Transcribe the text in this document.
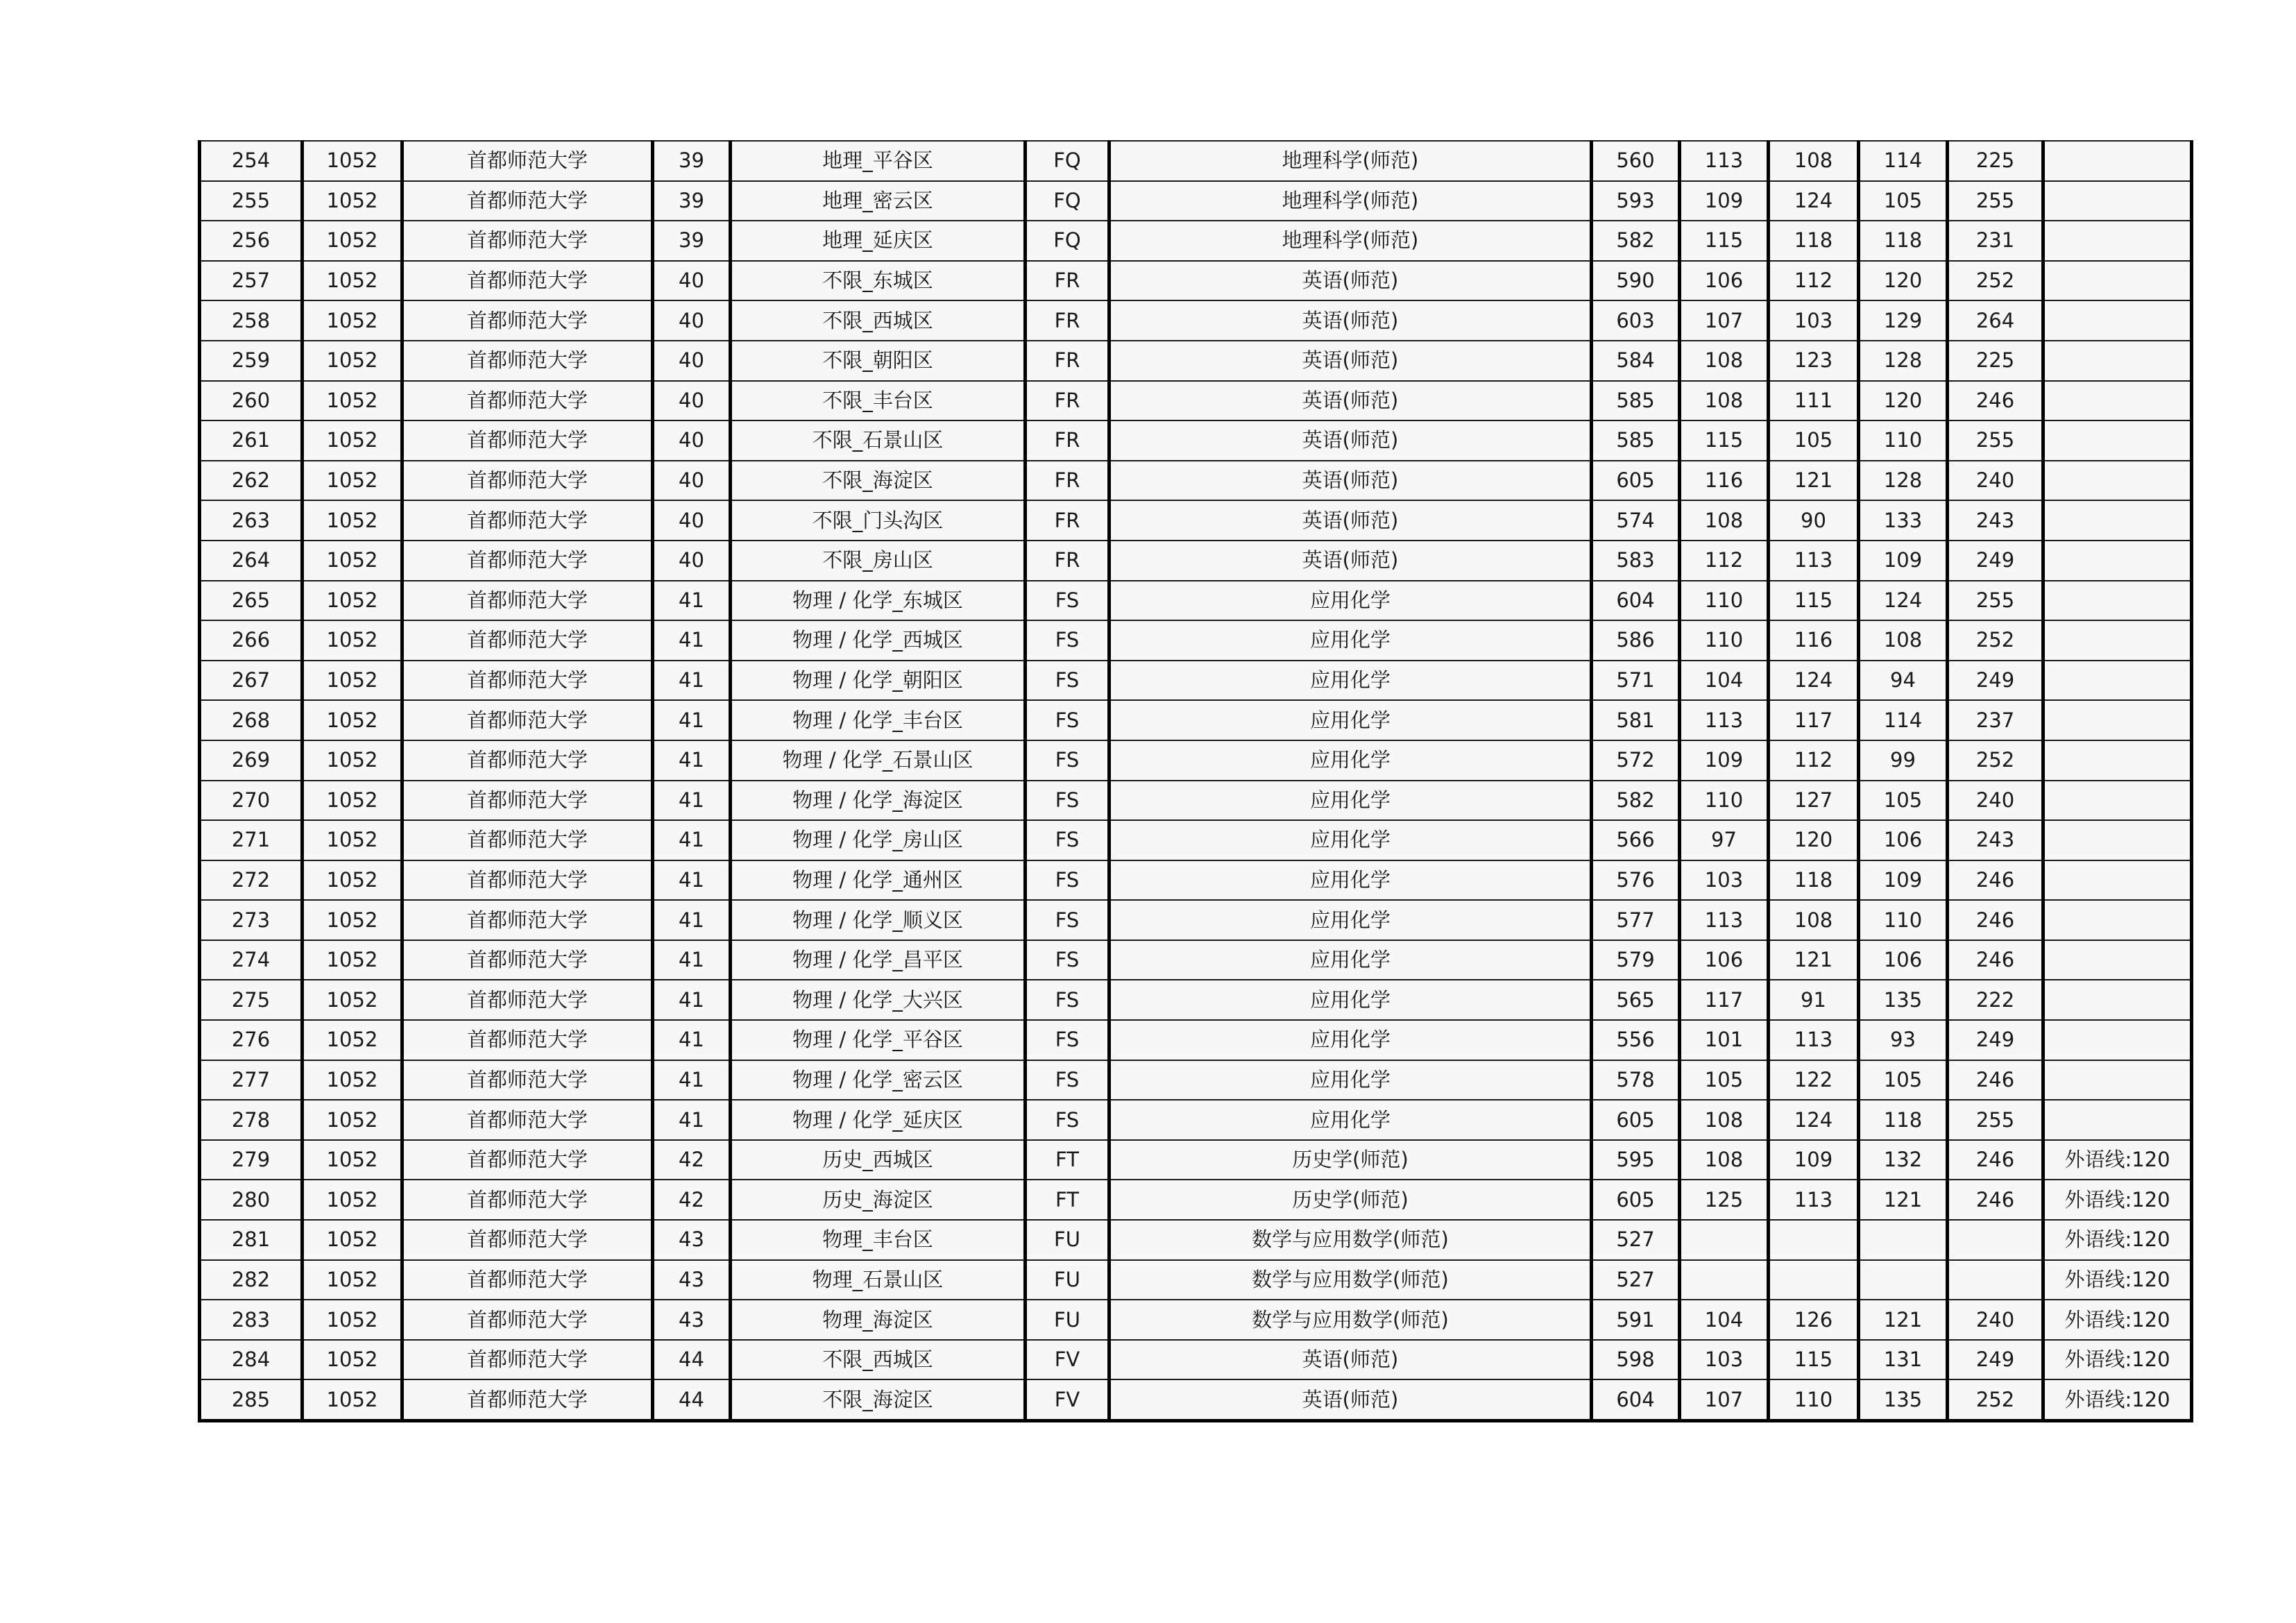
254	1052	首都师范大学	39	地理_平谷区	FQ	地理科学(师范)	560	113	108	114	225	
255	1052	首都师范大学	39	地理_密云区	FQ	地理科学(师范)	593	109	124	105	255	
256	1052	首都师范大学	39	地理_延庆区	FQ	地理科学(师范)	582	115	118	118	231	
257	1052	首都师范大学	40	不限_东城区	FR	英语(师范)	590	106	112	120	252	
258	1052	首都师范大学	40	不限_西城区	FR	英语(师范)	603	107	103	129	264	
259	1052	首都师范大学	40	不限_朝阳区	FR	英语(师范)	584	108	123	128	225	
260	1052	首都师范大学	40	不限_丰台区	FR	英语(师范)	585	108	111	120	246	
261	1052	首都师范大学	40	不限_石景山区	FR	英语(师范)	585	115	105	110	255	
262	1052	首都师范大学	40	不限_海淀区	FR	英语(师范)	605	116	121	128	240	
263	1052	首都师范大学	40	不限_门头沟区	FR	英语(师范)	574	108	90	133	243	
264	1052	首都师范大学	40	不限_房山区	FR	英语(师范)	583	112	113	109	249	
265	1052	首都师范大学	41	物理 / 化学_东城区	FS	应用化学	604	110	115	124	255	
266	1052	首都师范大学	41	物理 / 化学_西城区	FS	应用化学	586	110	116	108	252	
267	1052	首都师范大学	41	物理 / 化学_朝阳区	FS	应用化学	571	104	124	94	249	
268	1052	首都师范大学	41	物理 / 化学_丰台区	FS	应用化学	581	113	117	114	237	
269	1052	首都师范大学	41	物理 / 化学_石景山区	FS	应用化学	572	109	112	99	252	
270	1052	首都师范大学	41	物理 / 化学_海淀区	FS	应用化学	582	110	127	105	240	
271	1052	首都师范大学	41	物理 / 化学_房山区	FS	应用化学	566	97	120	106	243	
272	1052	首都师范大学	41	物理 / 化学_通州区	FS	应用化学	576	103	118	109	246	
273	1052	首都师范大学	41	物理 / 化学_顺义区	FS	应用化学	577	113	108	110	246	
274	1052	首都师范大学	41	物理 / 化学_昌平区	FS	应用化学	579	106	121	106	246	
275	1052	首都师范大学	41	物理 / 化学_大兴区	FS	应用化学	565	117	91	135	222	
276	1052	首都师范大学	41	物理 / 化学_平谷区	FS	应用化学	556	101	113	93	249	
277	1052	首都师范大学	41	物理 / 化学_密云区	FS	应用化学	578	105	122	105	246	
278	1052	首都师范大学	41	物理 / 化学_延庆区	FS	应用化学	605	108	124	118	255	
279	1052	首都师范大学	42	历史_西城区	FT	历史学(师范)	595	108	109	132	246	外语线:120
280	1052	首都师范大学	42	历史_海淀区	FT	历史学(师范)	605	125	113	121	246	外语线:120
281	1052	首都师范大学	43	物理_丰台区	FU	数学与应用数学(师范)	527					外语线:120
282	1052	首都师范大学	43	物理_石景山区	FU	数学与应用数学(师范)	527					外语线:120
283	1052	首都师范大学	43	物理_海淀区	FU	数学与应用数学(师范)	591	104	126	121	240	外语线:120
284	1052	首都师范大学	44	不限_西城区	FV	英语(师范)	598	103	115	131	249	外语线:120
285	1052	首都师范大学	44	不限_海淀区	FV	英语(师范)	604	107	110	135	252	外语线:120
